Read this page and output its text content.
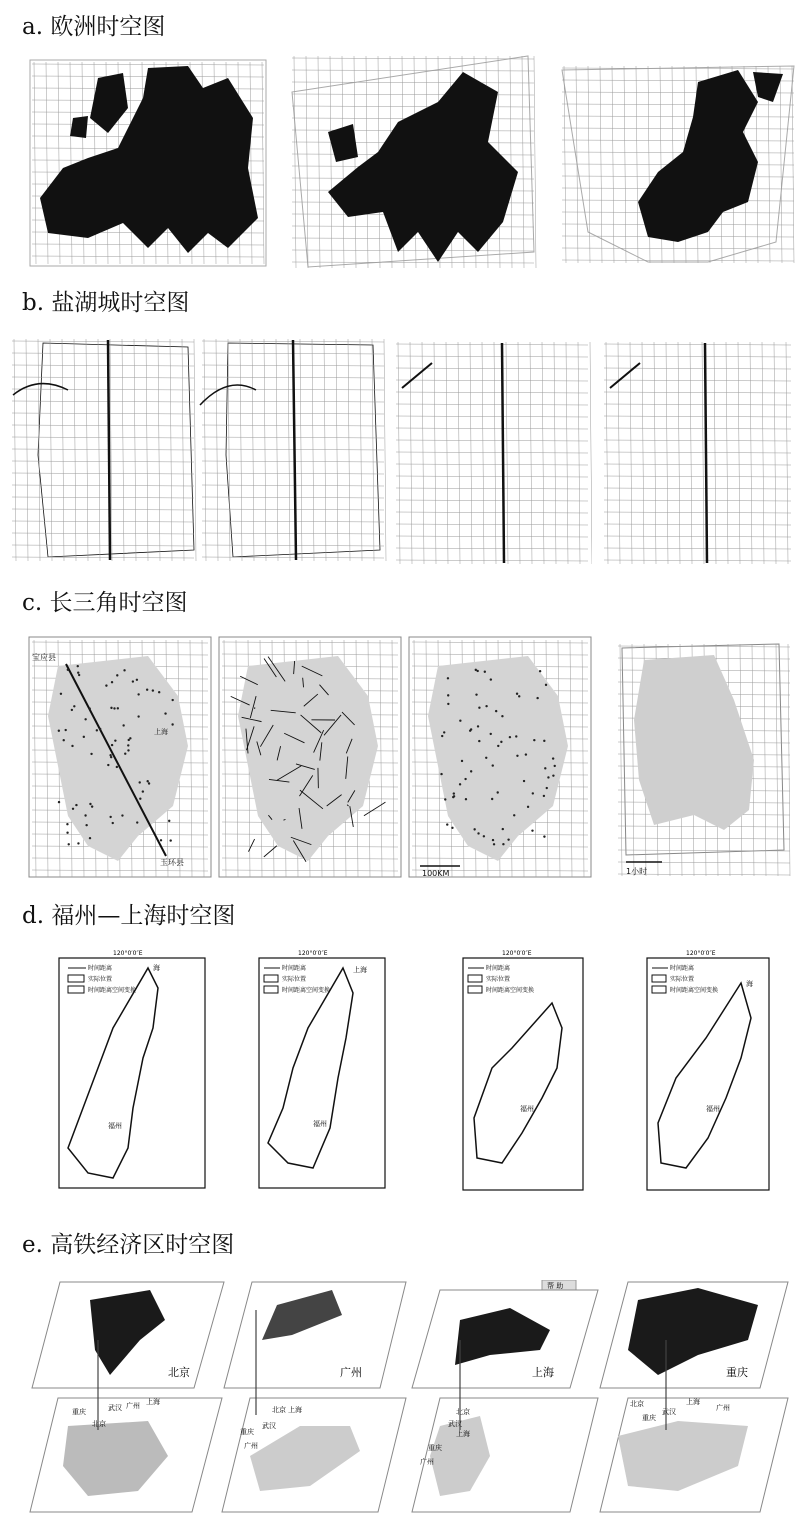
a. 欧洲时空图
b. 盐湖城时空图
c. 长三角时空图
d. 福州—上海时空图
e. 高铁经济区时空图
宝应县
玉环县
上海
100KM	1小时
120°0′0″E
时间距离
实际位置
时间距离空间变换
福州
海
120°0′0″E
时间距离
实际位置
时间距离空间变换
上海
福州
120°0′0″E
时间距离
实际位置
时间距离空间变换
福州
120°0′0″E
时间距离
实际位置
时间距离空间变换
海
福州
北京	广州
帮 助
上海	重庆
重庆	武汉 广州 上海
北京
北京 上海
重庆
武汉
广州
北京
上海
武汉
重庆
广州
北京
武汉
上海
广州
重庆
